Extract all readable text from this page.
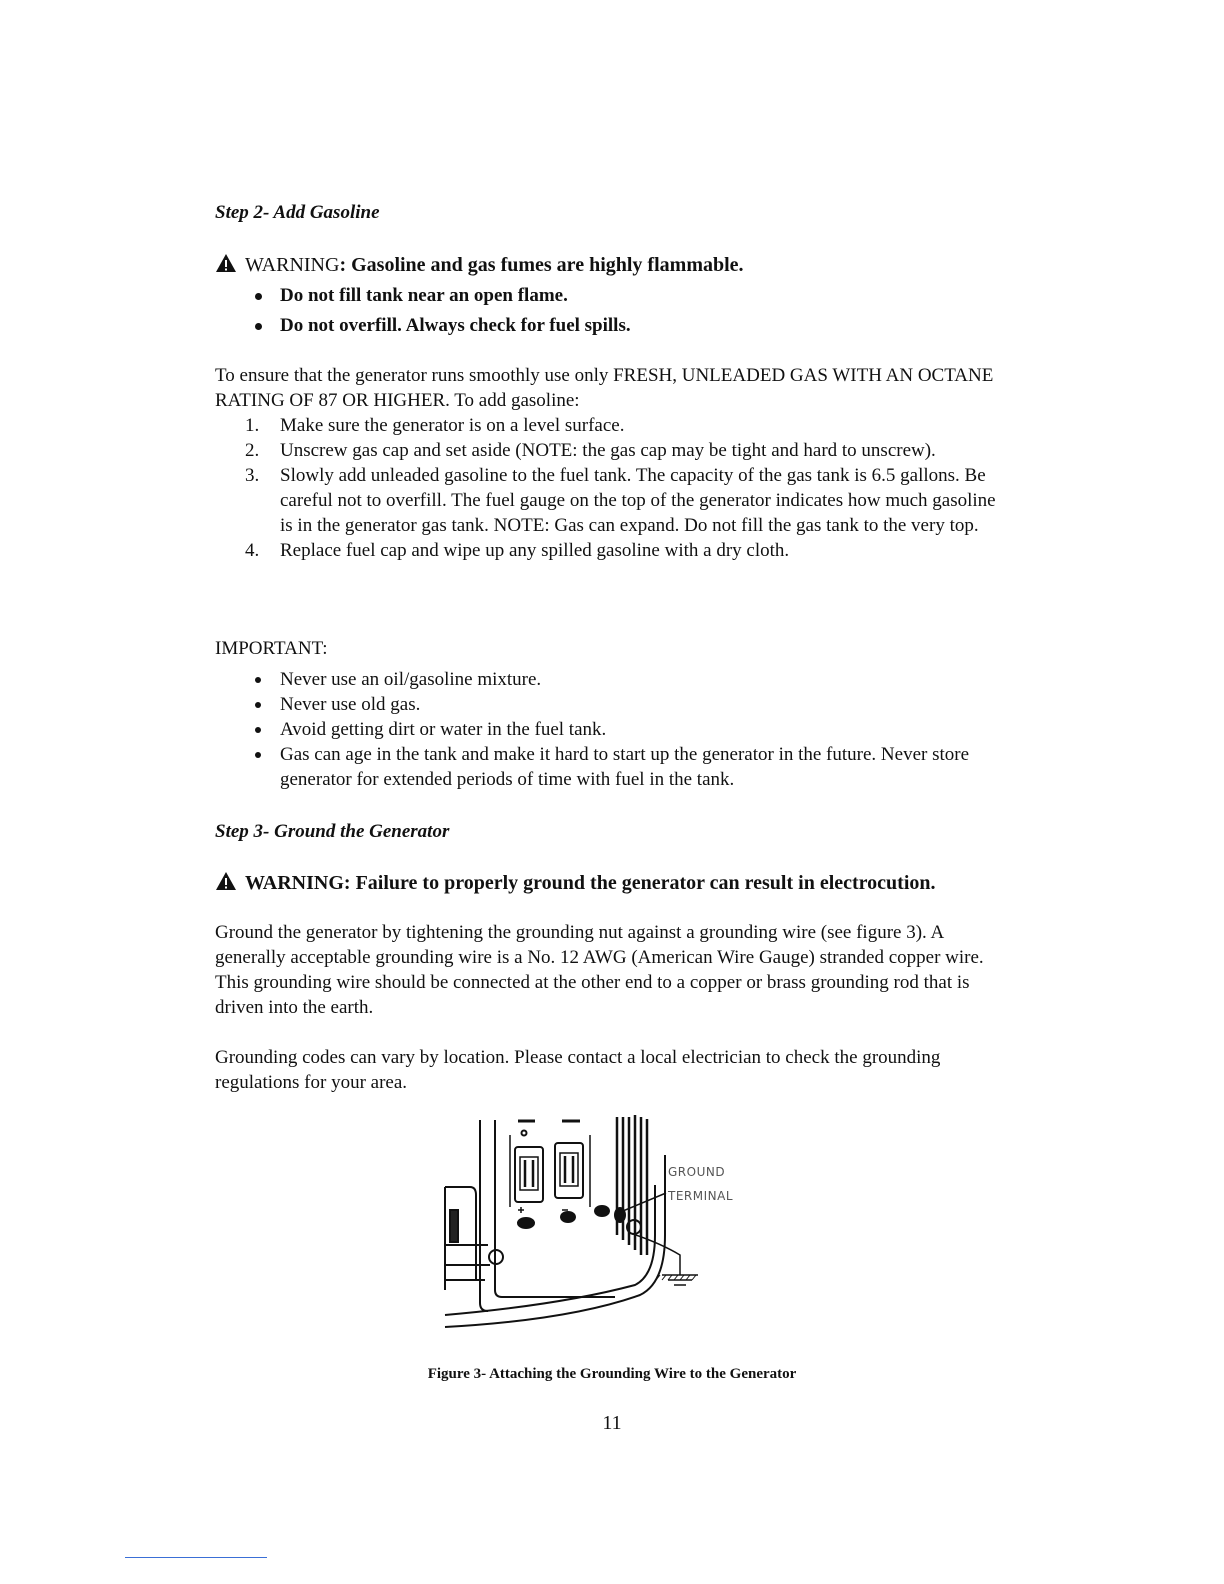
Step 2- Add Gasoline

WARNING: Gasoline and gas fumes are highly flammable.

Do not fill tank near an open flame.
Do not overfill. Always check for fuel spills.

To ensure that the generator runs smoothly use only FRESH, UNLEADED GAS WITH AN OCTANE RATING OF 87 OR HIGHER. To add gasoline:

1. Make sure the generator is on a level surface.
2. Unscrew gas cap and set aside (NOTE: the gas cap may be tight and hard to unscrew).
3. Slowly add unleaded gasoline to the fuel tank. The capacity of the gas tank is 6.5 gallons. Be careful not to overfill. The fuel gauge on the top of the generator indicates how much gasoline is in the generator gas tank. NOTE: Gas can expand. Do not fill the gas tank to the very top.
4. Replace fuel cap and wipe up any spilled gasoline with a dry cloth.

IMPORTANT:

Never use an oil/gasoline mixture.
Never use old gas.
Avoid getting dirt or water in the fuel tank.
Gas can age in the tank and make it hard to start up the generator in the future. Never store generator for extended periods of time with fuel in the tank.

Step 3- Ground the Generator

WARNING: Failure to properly ground the generator can result in electrocution.

Ground the generator by tightening the grounding nut against a grounding wire (see figure 3). A generally acceptable grounding wire is a No. 12 AWG (American Wire Gauge) stranded copper wire. This grounding wire should be connected at the other end to a copper or brass grounding rod that is driven into the earth.

Grounding codes can vary by location. Please contact a local electrician to check the grounding regulations for your area.

GROUND
TERMINAL
Figure 3- Attaching the Grounding Wire to the Generator
11
